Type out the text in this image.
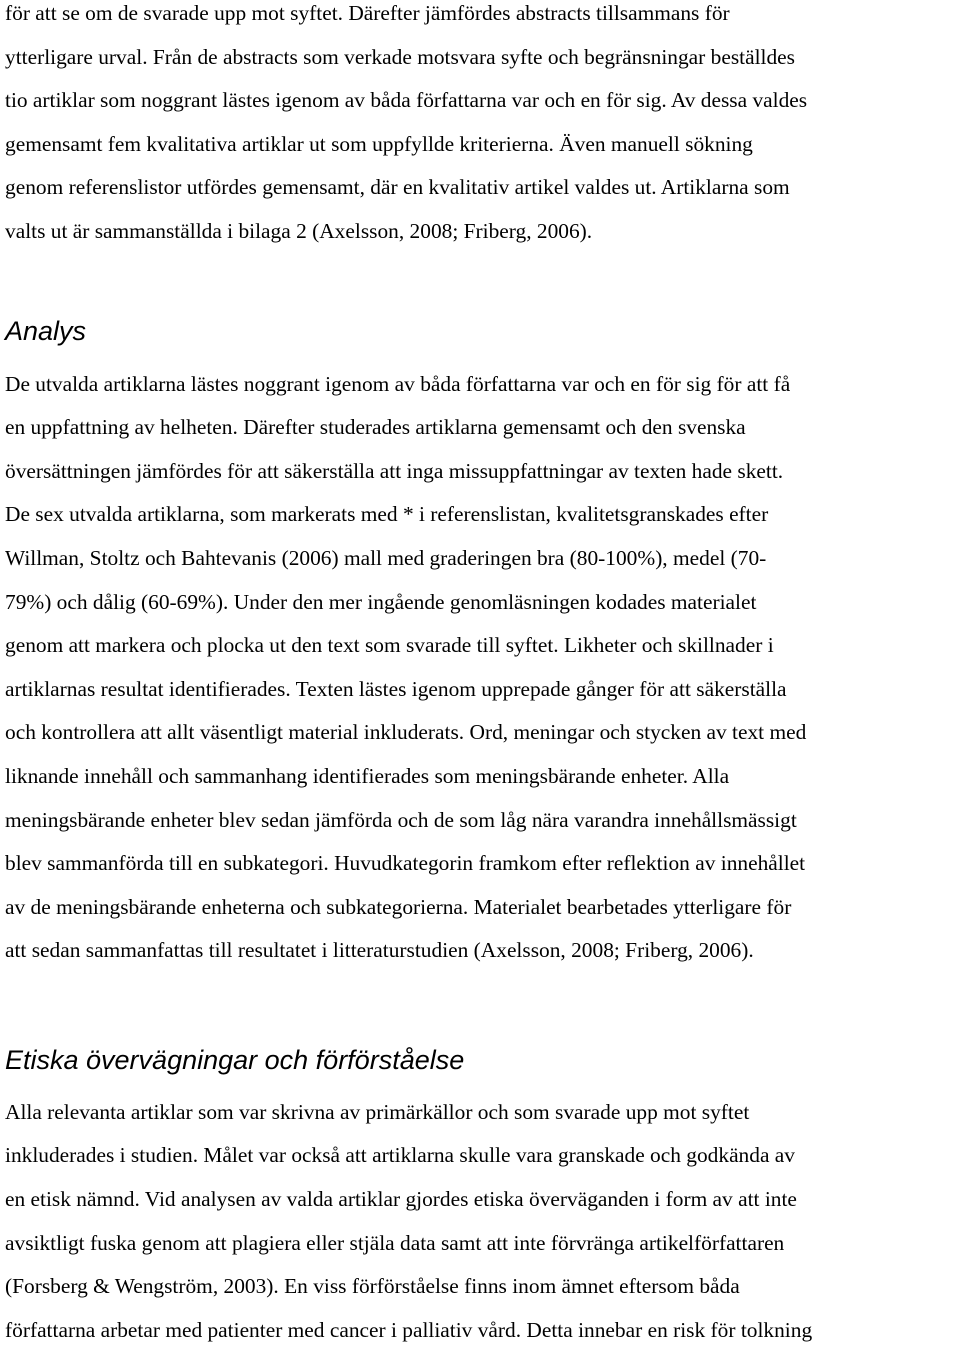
för att se om de svarade upp mot syftet. Därefter jämfördes abstracts tillsammans för
ytterligare urval. Från de abstracts som verkade motsvara syfte och begränsningar beställdes
tio artiklar som noggrant lästes igenom av båda författarna var och en för sig. Av dessa valdes
gemensamt fem kvalitativa artiklar ut som uppfyllde kriterierna. Även manuell sökning
genom referenslistor utfördes gemensamt, där en kvalitativ artikel valdes ut. Artiklarna som
valts ut är sammanställda i bilaga 2 (Axelsson, 2008; Friberg, 2006).
Analys
De utvalda artiklarna lästes noggrant igenom av båda författarna var och en för sig för att få
en uppfattning av helheten. Därefter studerades artiklarna gemensamt och den svenska
översättningen jämfördes för att säkerställa att inga missuppfattningar av texten hade skett.
De sex utvalda artiklarna, som markerats med * i referenslistan, kvalitetsgranskades efter
Willman, Stoltz och Bahtevanis (2006) mall med graderingen bra (80-100%), medel (70-
79%) och dålig (60-69%). Under den mer ingående genomläsningen kodades materialet
genom att markera och plocka ut den text som svarade till syftet. Likheter och skillnader i
artiklarnas resultat identifierades. Texten lästes igenom upprepade gånger för att säkerställa
och kontrollera att allt väsentligt material inkluderats. Ord, meningar och stycken av text med
liknande innehåll och sammanhang identifierades som meningsbärande enheter. Alla
meningsbärande enheter blev sedan jämförda och de som låg nära varandra innehållsmässigt
blev sammanförda till en subkategori. Huvudkategorin framkom efter reflektion av innehållet
av de meningsbärande enheterna och subkategorierna. Materialet bearbetades ytterligare för
att sedan sammanfattas till resultatet i litteraturstudien (Axelsson, 2008; Friberg, 2006).
Etiska övervägningar och förförståelse
Alla relevanta artiklar som var skrivna av primärkällor och som svarade upp mot syftet
inkluderades i studien. Målet var också att artiklarna skulle vara granskade och godkända av
en etisk nämnd. Vid analysen av valda artiklar gjordes etiska överväganden i form av att inte
avsiktligt fuska genom att plagiera eller stjäla data samt att inte förvränga artikelförfattaren
(Forsberg & Wengström, 2003). En viss förförståelse finns inom ämnet eftersom båda
författarna arbetar med patienter med cancer i palliativ vård. Detta innebar en risk för tolkning
